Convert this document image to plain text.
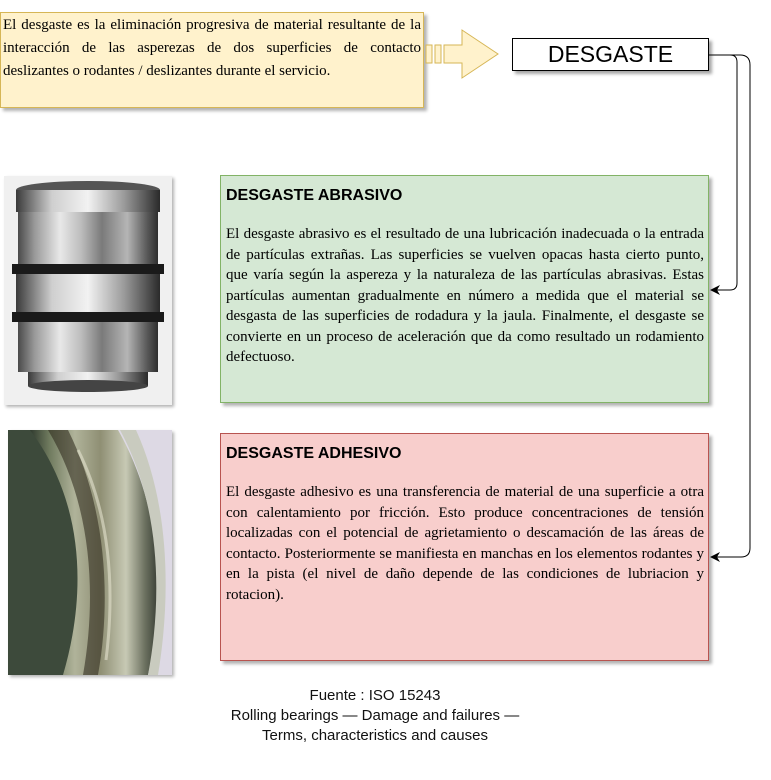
El desgaste es la eliminación progresiva de material resultante de la interacción de las asperezas de dos superficies de contacto deslizantes o rodantes / deslizantes durante el servicio.
DESGASTE

DESGASTE ABRASIVO

El desgaste abrasivo es el resultado de una lubricación inadecuada o la entrada de partículas extrañas. Las superficies se vuelven opacas hasta cierto punto, que varía según la aspereza y la naturaleza de las partículas abrasivas. Estas partículas aumentan gradualmente en número a medida que el material se desgasta de las superficies de rodadura y la jaula. Finalmente, el desgaste se convierte en un proceso de aceleración que da como resultado un rodamiento defectuoso.

DESGASTE ADHESIVO

El desgaste adhesivo es una transferencia de material de una superficie a otra con calentamiento por fricción. Esto produce concentraciones de tensión localizadas con el potencial de agrietamiento o descamación de las áreas de contacto. Posteriormente se manifiesta en manchas en los elementos rodantes y en la pista (el nivel de daño depende de las condiciones de lubriacion y rotacion).

Fuente : ISO 15243
Rolling bearings — Damage and failures — Terms, characteristics and causes
